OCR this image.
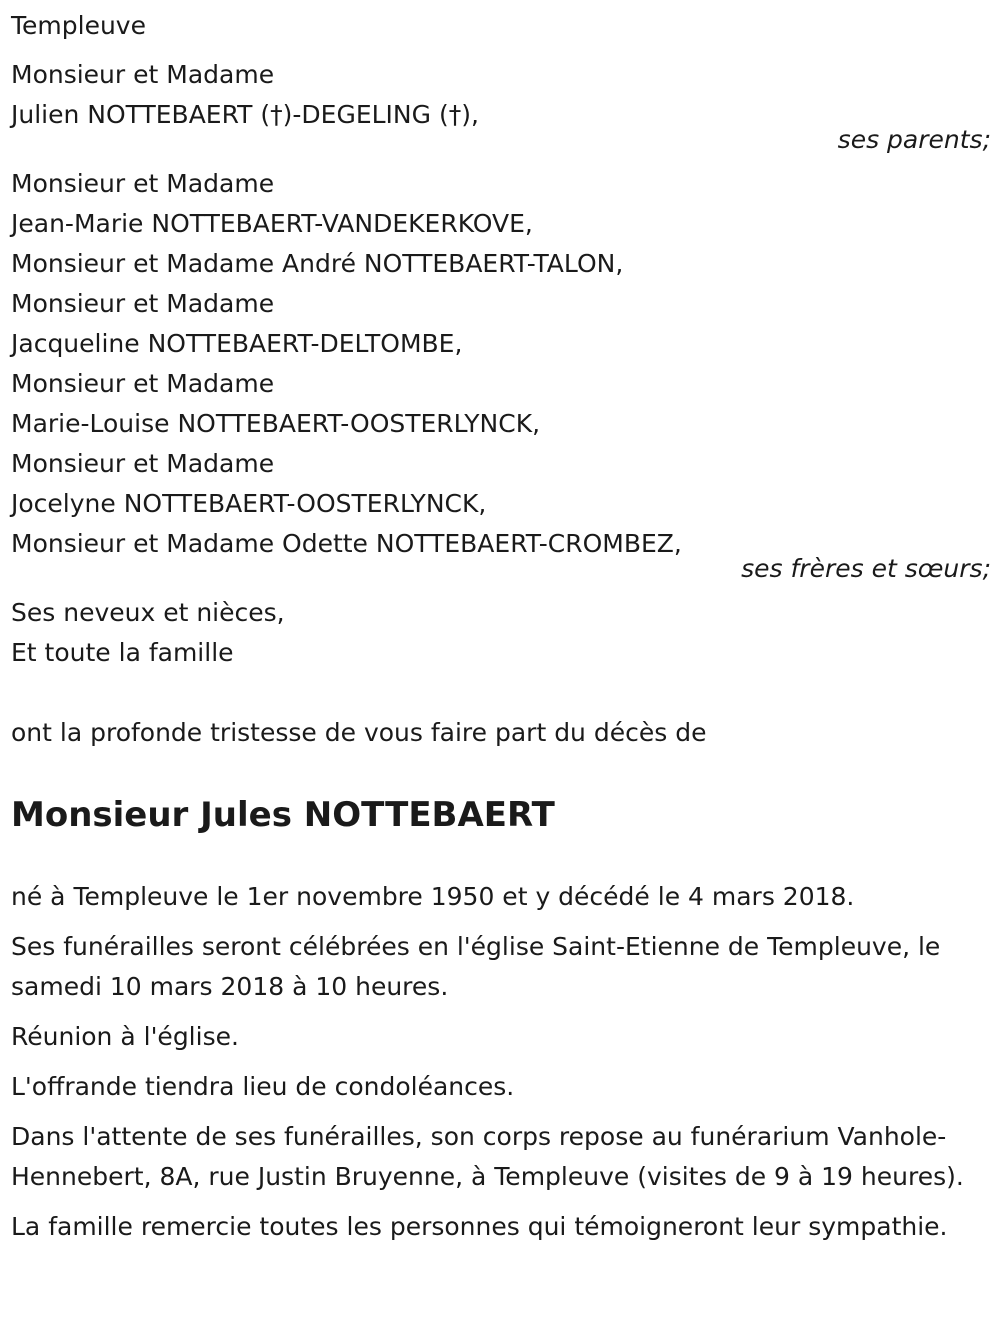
Templeuve
Monsieur et Madame
Julien NOTTEBAERT (†)-DEGELING (†),
ses parents;
Monsieur et Madame
Jean-Marie NOTTEBAERT-VANDEKERKOVE,
Monsieur et Madame André NOTTEBAERT-TALON,
Monsieur et Madame
Jacqueline NOTTEBAERT-DELTOMBE,
Monsieur et Madame
Marie-Louise NOTTEBAERT-OOSTERLYNCK,
Monsieur et Madame
Jocelyne NOTTEBAERT-OOSTERLYNCK,
Monsieur et Madame Odette NOTTEBAERT-CROMBEZ,
ses frères et sœurs;
Ses neveux et nièces,
Et toute la famille
ont la profonde tristesse de vous faire part du décès de
Monsieur Jules NOTTEBAERT

né à Templeuve le 1er novembre 1950 et y décédé le 4 mars 2018.

Ses funérailles seront célébrées en l'église Saint-Etienne de Templeuve, le samedi 10 mars 2018 à 10 heures.

Réunion à l'église.

L'offrande tiendra lieu de condoléances.

Dans l'attente de ses funérailles, son corps repose au funérarium Vanhole-Hennebert, 8A, rue Justin Bruyenne, à Templeuve (visites de 9 à 19 heures).

La famille remercie toutes les personnes qui témoigneront leur sympathie.
